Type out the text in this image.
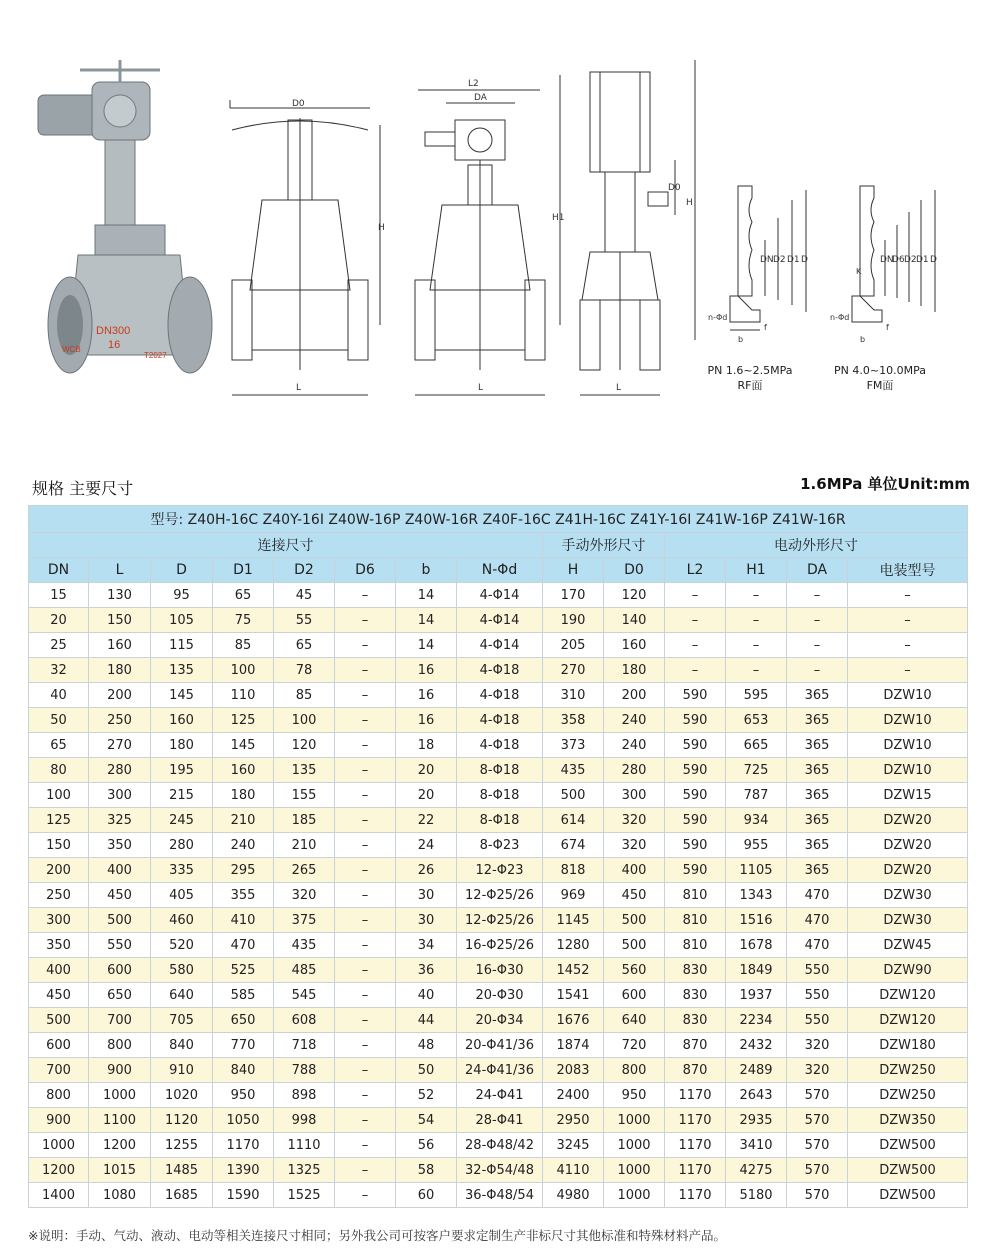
DN300
16
WCB
T2027
D0
H
L
L2
DA
H1
L
D0
H
L
DN D2 D1 D
n-Φd
b
f
DN
D6 D2 D1 D
K
n-Φd
b
f
PN 1.6~2.5MPa
RF面
PN 4.0~10.0MPa
FM面
规格 主要尺寸	1.6MPa 单位Unit:mm
型号: Z40H-16C Z40Y-16I Z40W-16P Z40W-16R Z40F-16C Z41H-16C Z41Y-16I Z41W-16P Z41W-16R													
连接尺寸								手动外形尺寸		电动外形尺寸			
DN	L	D	D1	D2	D6	b	N-Φd	H	D0	L2	H1	DA	电装型号
15	130	95	65	45	–	14	4-Φ14	170	120	–	–	–	–
20	150	105	75	55	–	14	4-Φ14	190	140	–	–	–	–
25	160	115	85	65	–	14	4-Φ14	205	160	–	–	–	–
32	180	135	100	78	–	16	4-Φ18	270	180	–	–	–	–
40	200	145	110	85	–	16	4-Φ18	310	200	590	595	365	DZW10
50	250	160	125	100	–	16	4-Φ18	358	240	590	653	365	DZW10
65	270	180	145	120	–	18	4-Φ18	373	240	590	665	365	DZW10
80	280	195	160	135	–	20	8-Φ18	435	280	590	725	365	DZW10
100	300	215	180	155	–	20	8-Φ18	500	300	590	787	365	DZW15
125	325	245	210	185	–	22	8-Φ18	614	320	590	934	365	DZW20
150	350	280	240	210	–	24	8-Φ23	674	320	590	955	365	DZW20
200	400	335	295	265	–	26	12-Φ23	818	400	590	1105	365	DZW20
250	450	405	355	320	–	30	12-Φ25/26	969	450	810	1343	470	DZW30
300	500	460	410	375	–	30	12-Φ25/26	1145	500	810	1516	470	DZW30
350	550	520	470	435	–	34	16-Φ25/26	1280	500	810	1678	470	DZW45
400	600	580	525	485	–	36	16-Φ30	1452	560	830	1849	550	DZW90
450	650	640	585	545	–	40	20-Φ30	1541	600	830	1937	550	DZW120
500	700	705	650	608	–	44	20-Φ34	1676	640	830	2234	550	DZW120
600	800	840	770	718	–	48	20-Φ41/36	1874	720	870	2432	320	DZW180
700	900	910	840	788	–	50	24-Φ41/36	2083	800	870	2489	320	DZW250
800	1000	1020	950	898	–	52	24-Φ41	2400	950	1170	2643	570	DZW250
900	1100	1120	1050	998	–	54	28-Φ41	2950	1000	1170	2935	570	DZW350
1000	1200	1255	1170	1110	–	56	28-Φ48/42	3245	1000	1170	3410	570	DZW500
1200	1015	1485	1390	1325	–	58	32-Φ54/48	4110	1000	1170	4275	570	DZW500
1400	1080	1685	1590	1525	–	60	36-Φ48/54	4980	1000	1170	5180	570	DZW500
※说明：手动、气动、液动、电动等相关连接尺寸相同；另外我公司可按客户要求定制生产非标尺寸其他标准和特殊材料产品。
